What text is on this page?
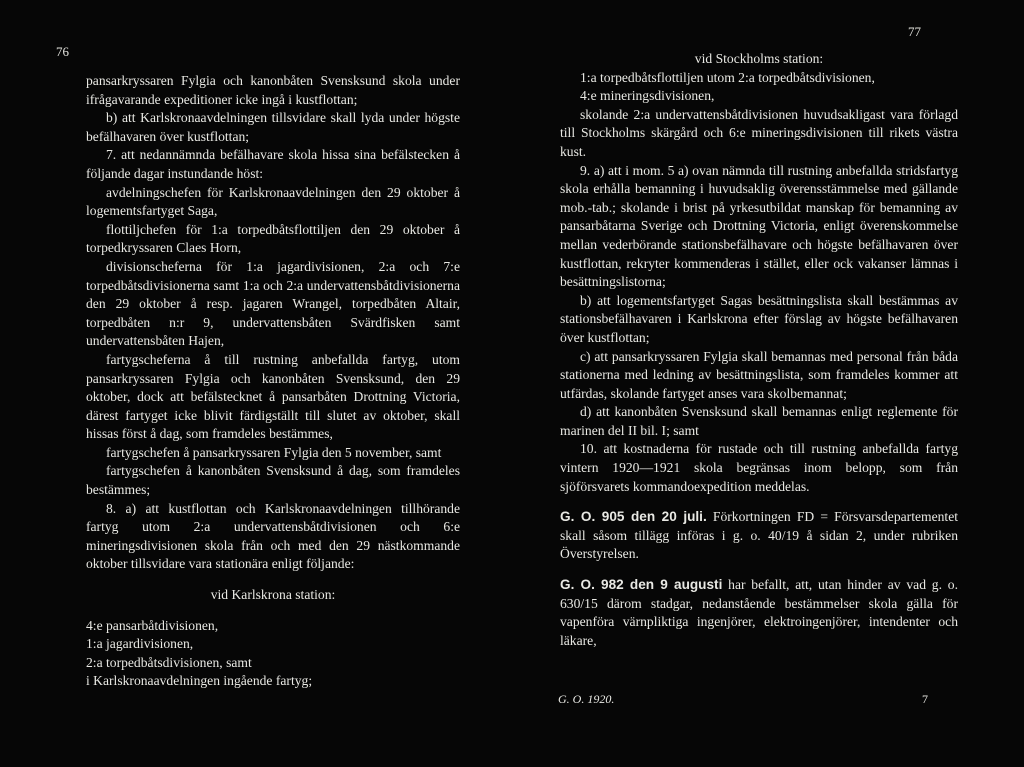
76

pansarkryssaren Fylgia och kanonbåten Svensksund skola under ifrågavarande expeditioner icke ingå i kustflottan;

b) att Karlskronaavdelningen tillsvidare skall lyda under högste befälhavaren över kustflottan;

7. att nedannämnda befälhavare skola hissa sina befälstecken å följande dagar instundande höst:

avdelningschefen för Karlskronaavdelningen den 29 oktober å logementsfartyget Saga,

flottiljchefen för 1:a torpedbåtsflottiljen den 29 oktober å torpedkryssaren Claes Horn,

divisionscheferna för 1:a jagardivisionen, 2:a och 7:e torpedbåtsdivisionerna samt 1:a och 2:a undervattensbåtdivisionerna den 29 oktober å resp. jagaren Wrangel, torpedbåten Altair, torpedbåten n:r 9, undervattensbåten Svärdfisken samt undervattensbåten Hajen,

fartygscheferna å till rustning anbefallda fartyg, utom pansarkryssaren Fylgia och kanonbåten Svensksund, den 29 oktober, dock att befälstecknet å pansarbåten Drottning Victoria, därest fartyget icke blivit färdigställt till slutet av oktober, skall hissas först å dag, som framdeles bestämmes,

fartygschefen å pansarkryssaren Fylgia den 5 november, samt

fartygschefen å kanonbåten Svensksund å dag, som framdeles bestämmes;

8. a) att kustflottan och Karlskronaavdelningen tillhörande fartyg utom 2:a undervattensbåtdivisionen och 6:e mineringsdivisionen skola från och med den 29 nästkommande oktober tillsvidare vara stationära enligt följande:

vid Karlskrona station:

4:e pansarbåtdivisionen,

1:a jagardivisionen,

2:a torpedbåtsdivisionen, samt

i Karlskronaavdelningen ingående fartyg;

77

vid Stockholms station:

1:a torpedbåtsflottiljen utom 2:a torpedbåtsdivisionen,

4:e mineringsdivisionen,

skolande 2:a undervattensbåtdivisionen huvudsakligast vara förlagd till Stockholms skärgård och 6:e mineringsdivisionen till rikets västra kust.

9. a) att i mom. 5 a) ovan nämnda till rustning anbefallda stridsfartyg skola erhålla bemanning i huvudsaklig överensstämmelse med gällande mob.-tab.; skolande i brist på yrkesutbildat manskap för bemanning av pansarbåtarna Sverige och Drottning Victoria, enligt överenskommelse mellan vederbörande stationsbefälhavare och högste befälhavaren över kustflottan, rekryter kommenderas i stället, eller ock vakanser lämnas i besättningslistorna;

b) att logementsfartyget Sagas besättningslista skall bestämmas av stationsbefälhavaren i Karlskrona efter förslag av högste befälhavaren över kustflottan;

c) att pansarkryssaren Fylgia skall bemannas med personal från båda stationerna med ledning av besättningslista, som framdeles kommer att utfärdas, skolande fartyget anses vara skolbemannat;

d) att kanonbåten Svensksund skall bemannas enligt reglemente för marinen del II bil. I; samt

10. att kostnaderna för rustade och till rustning anbefallda fartyg vintern 1920—1921 skola begränsas inom belopp, som från sjöförsvarets kommandoexpedition meddelas.

G. O. 905 den 20 juli. Förkortningen FD = Försvarsdepartementet skall såsom tillägg införas i g. o. 40/19 å sidan 2, under rubriken Överstyrelsen.

G. O. 982 den 9 augusti har befallt, att, utan hinder av vad g. o. 630/15 därom stadgar, nedanstående bestämmelser skola gälla för vapenföra värnpliktiga ingenjörer, elektroingenjörer, intendenter och läkare,

G. O. 1920.	7
